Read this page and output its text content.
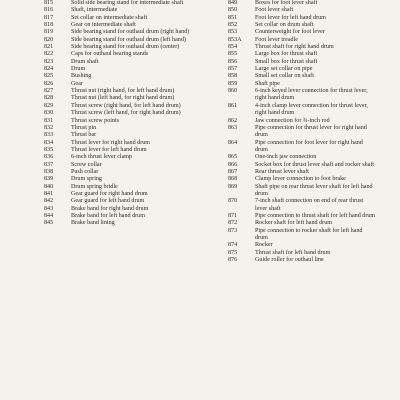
815	Solid side bearing stand for intermediate shaft
816	Shaft, intermediate
817	Set collar on intermediate shaft
818	Gear on intermediate shaft
819	Side bearing stand for outhaul drum (right hand)
820	Side bearing stand for outhaul drum (left hand)
821	Side bearing stand for outhaul drum (center)
822	Caps for outhaul bearing stands
823	Drum shaft
824	Drum
825	Bushing
826	Gear
827	Thrust nut (right hand, for left hand drum)
828	Thrust nut (left hand, for right hand drum)
829	Thrust screw (right hand, for left hand drum)
830	Thrust screw (left hand, for right hand drum)
831	Thrust screw points
832	Thrust pin
833	Thrust bar
834	Thrust lever for right hand drum
835	Thrust lever for left hand drum
836	6-inch thrust lever clamp
837	Screw collar
838	Push collar
839	Drum spring
840	Drum spring bridle
841	Gear guard for right hand drum
842	Gear guard for left hand drum
843	Brake band for right hand drum
844	Brake band for left hand drum
845	Brake band lining
849	Boxes for foot lever shaft
850	Foot lever shaft
851	Foot lever for left hand drum
852	Set collar on drum shaft
853	Counterweight for foot lever
853A	Foot lever treadle
854	Thrust shaft for right hand drum
855	Large box for thrust shaft
856	Small box for thrust shaft
857	Large set collar on pipe
858	Small set collar on shaft
859	Shaft pipe
860	6-inch keyed lever connection for thrust lever, right hand drum
861	4-inch clamp lever connection for thrust lever, right hand drum
862	Jaw connection for ¾-inch rod
863	Pipe connection for thrust lever for right hand drum
864	Pipe connection for foot lever for right hand drum
865	One-inch jaw connection
866	Socket box for thrust lever shaft and rocker shaft
867	Rear thrust lever shaft
868	Clamp lever connection to foot brake
869	Shaft pipe on rear thrust lever shaft for left hand drum
870	7-inch shaft connection on end of rear thrust lever shaft
871	Pipe connection to thrust shaft for left hand drum
872	Rocker shaft for left hand drum
873	Pipe connection to rocker shaft for left hand drum
874	Rocker
875	Thrust shaft for left hand drum
876	Guide roller for outhaul line
